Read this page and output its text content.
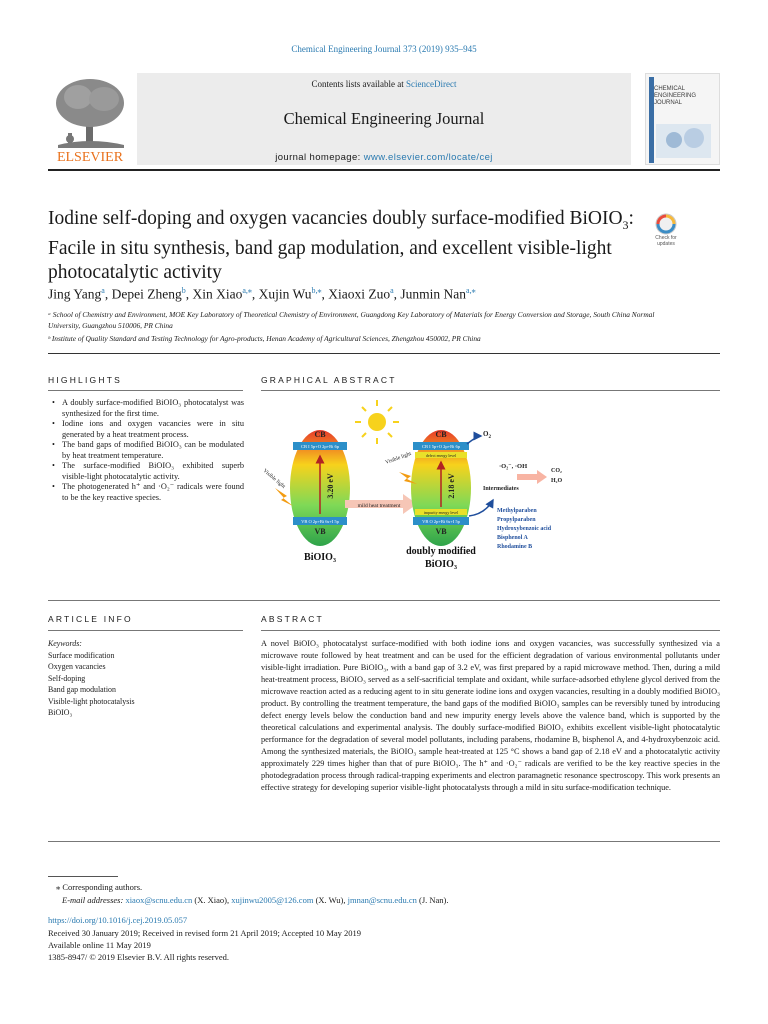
Chemical Engineering Journal 373 (2019) 935–945
ELSEVIER
Contents lists available at ScienceDirect
Chemical Engineering Journal
journal homepage: www.elsevier.com/locate/cej
CHEMICAL ENGINEERING JOURNAL
Iodine self-doping and oxygen vacancies doubly surface-modified BiOIO$_3$: Facile in situ synthesis, band gap modulation, and excellent visible-light photocatalytic activity
Check for updates
Jing Yang$^a$, Depei Zheng$^b$, Xin Xiao$^{a,⁎}$, Xujin $Wu^{b,⁎}$, Xiaoxi Zuo$^a$, Junmin Nan$^{a,⁎}$
ᵃ School of Chemistry and Environment, MOE Key Laboratory of Theoretical Chemistry of Environment, Guangdong Key Laboratory of Materials for Energy Conversion and Storage, South China Normal University, Guangzhou 510006, PR China
ᵇ Institute of Quality Standard and Testing Technology for Agro-products, Henan Academy of Agricultural Sciences, Zhengzhou 450002, PR China
HIGHLIGHTS	GRAPHICAL ABSTRACT
• A doubly surface-modified BiOIO₃ photocatalyst was synthesized for the first time.
• Iodine ions and oxygen vacancies were in situ generated by a heat treatment process.
• The band gaps of modified BiOIO₃ can be modulated by heat treatment temperature.
• The surface-modified BiOIO₃ exhibited superb visible-light photocatalytic activity.
• The photogenerated h⁺ and ·O₂⁻ radicals were found to be the key reactive species.
CB
CB I 5p+O 2p+Bi 6p
VB O 2p+Bi 6s+I 5p
VB
3.20 eV
BiOIO$_3$
Visible light
mild heat treatment
CB
CB I 5p+O 2p+Bi 6p
defect energy level
impurity energy level
VB O 2p+Bi 6s+I 5p
VB
2.18 eV
doubly modified
BiOIO$_3$
Visible light
$O_2$
·O₂⁻, ·OH
CO₂
H₂O
Intermediates
Methylparaben
Propylparaben
Hydroxybenzoic acid
Bisphenol A
Rhodamine B
ARTICLE INFO	ABSTRACT
Keywords:
Surface modification
Oxygen vacancies
Self-doping
Band gap modulation
Visible-light photocatalysis
BiOIO₃
A novel BiOIO₃ photocatalyst surface-modified with both iodine ions and oxygen vacancies, was successfully synthesized via a microwave route followed by heat treatment and can be used for the efficient degradation of various environmental pollutants under visible-light irradiation. Pure BiOIO₃, with a band gap of 3.2 eV, was first prepared by a rapid microwave method. Then, during a mild heat-treatment process, BiOIO₃ served as a self-sacrificial template and oxidant, while surface-adsorbed ethylene glycol derived from the microwave reaction acted as a reducing agent to in situ generate iodine ions and oxygen vacancies, resulting in a doubly modified BiOIO₃ product. By controlling the treatment temperature, the band gaps of the modified BiOIO₃ samples can be reversibly tuned by introducing defect energy levels below the conduction band and new impurity energy levels above the valence band, which is supported by the theoretical calculations and experimental analysis. The doubly surface-modified BiOIO₃ exhibits excellent visible-light photocatalytic performance for the degradation of several model pollutants, including parabens, rhodamine B, bisphenol A, and 4-hydroxybenzoic acid. Among the synthesized materials, the BiOIO₃ sample heat-treated at 125 °C shows a band gap of 2.18 eV and a photocatalytic activity approximately 229 times higher than that of pure BiOIO₃. The h⁺ and ·O₂⁻ radicals are verified to be the key reactive species in the photodegradation process through radical-trapping experiments and electron paramagnetic resonance spectroscopy. This work presents an effective strategy for developing superior visible-light photocatalysts through a mild in situ surface-modification technique.
⁎ Corresponding authors.
E-mail addresses: xiaox@scnu.edu.cn (X. Xiao), xujinwu2005@126.com (X. Wu), jmnan@scnu.edu.cn (J. Nan).
https://doi.org/10.1016/j.cej.2019.05.057
Received 30 January 2019; Received in revised form 21 April 2019; Accepted 10 May 2019
Available online 11 May 2019
1385-8947/ © 2019 Elsevier B.V. All rights reserved.
